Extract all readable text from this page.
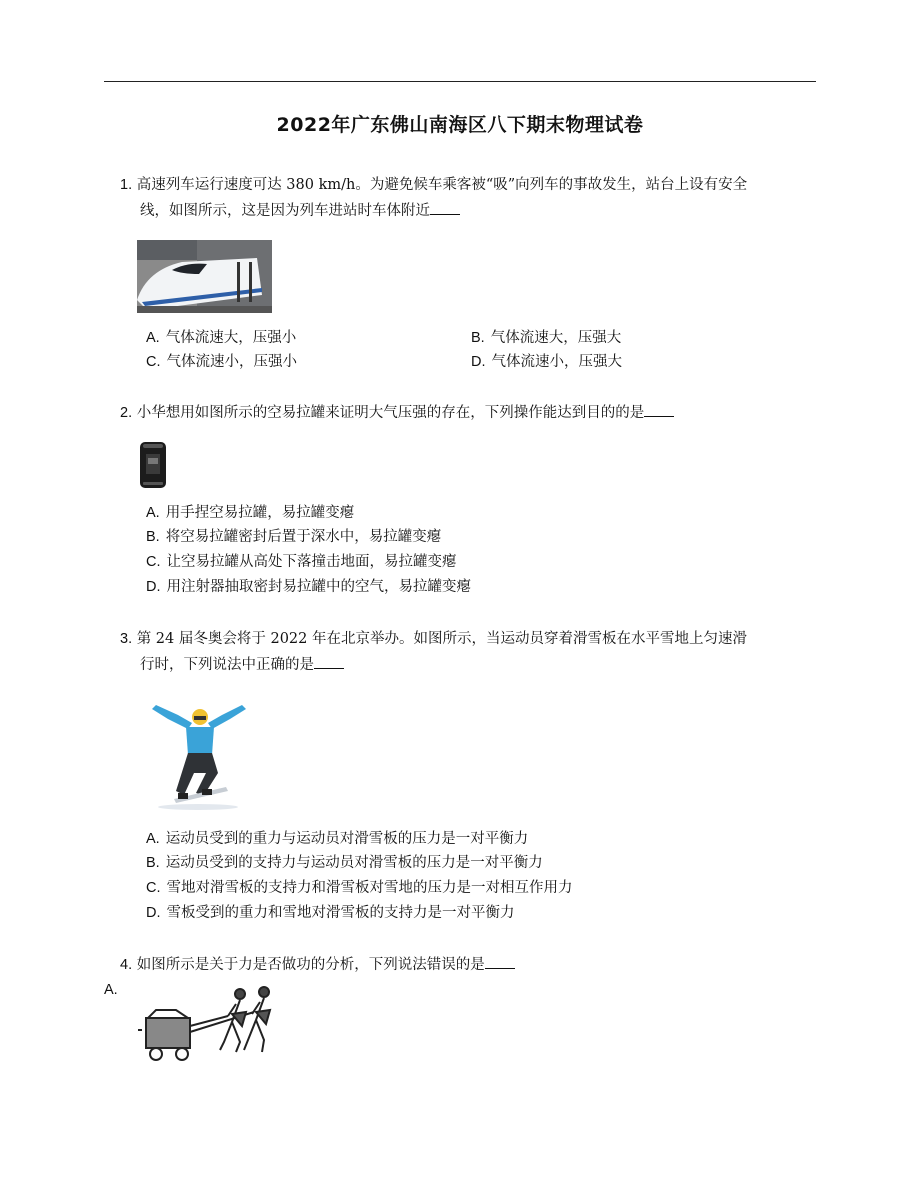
2022年广东佛山南海区八下期末物理试卷
1. 高速列车运行速度可达 380 km/h。为避免候车乘客被“吸”向列车的事故发生，站台上设有安全
线，如图所示，这是因为列车进站时车体附近
A. 气体流速大，压强小	B. 气体流速大，压强大
C. 气体流速小，压强小	D. 气体流速小，压强大
2. 小华想用如图所示的空易拉罐来证明大气压强的存在，下列操作能达到目的的是
A. 用手捏空易拉罐，易拉罐变瘪
B. 将空易拉罐密封后置于深水中，易拉罐变瘪
C. 让空易拉罐从高处下落撞击地面，易拉罐变瘪
D. 用注射器抽取密封易拉罐中的空气，易拉罐变瘪
3. 第 24 届冬奥会将于 2022 年在北京举办。如图所示，当运动员穿着滑雪板在水平雪地上匀速滑
行时，下列说法中正确的是
A. 运动员受到的重力与运动员对滑雪板的压力是一对平衡力
B. 运动员受到的支持力与运动员对滑雪板的压力是一对平衡力
C. 雪地对滑雪板的支持力和滑雪板对雪地的压力是一对相互作用力
D. 雪板受到的重力和雪地对滑雪板的支持力是一对平衡力
4. 如图所示是关于力是否做功的分析，下列说法错误的是
A.
